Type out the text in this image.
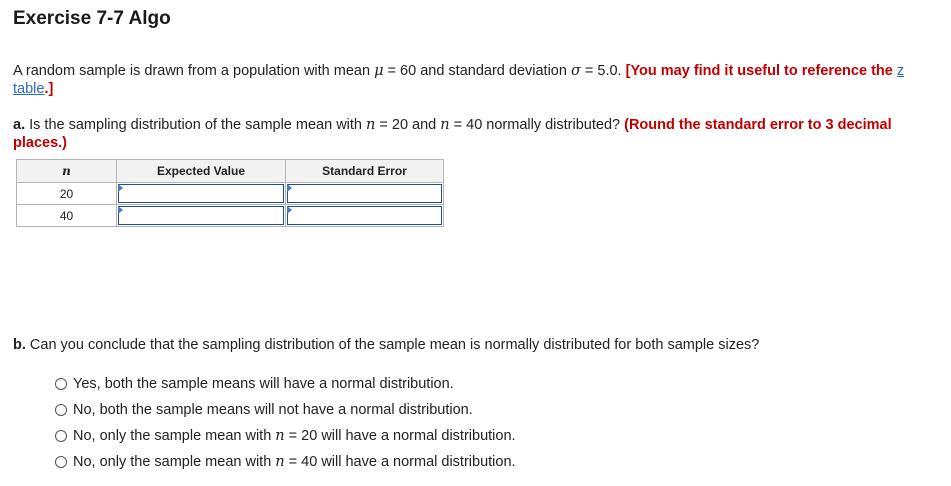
Exercise 7-7 Algo
A random sample is drawn from a population with mean μ = 60 and standard deviation σ = 5.0. [You may find it useful to reference the z table.]
a. Is the sampling distribution of the sample mean with n = 20 and n = 40 normally distributed? (Round the standard error to 3 decimal places.)
n	Expected Value	Standard Error
20	

40	

b. Can you conclude that the sampling distribution of the sample mean is normally distributed for both sample sizes?
Yes, both the sample means will have a normal distribution.
No, both the sample means will not have a normal distribution.
No, only the sample mean with n = 20 will have a normal distribution.
No, only the sample mean with n = 40 will have a normal distribution.
